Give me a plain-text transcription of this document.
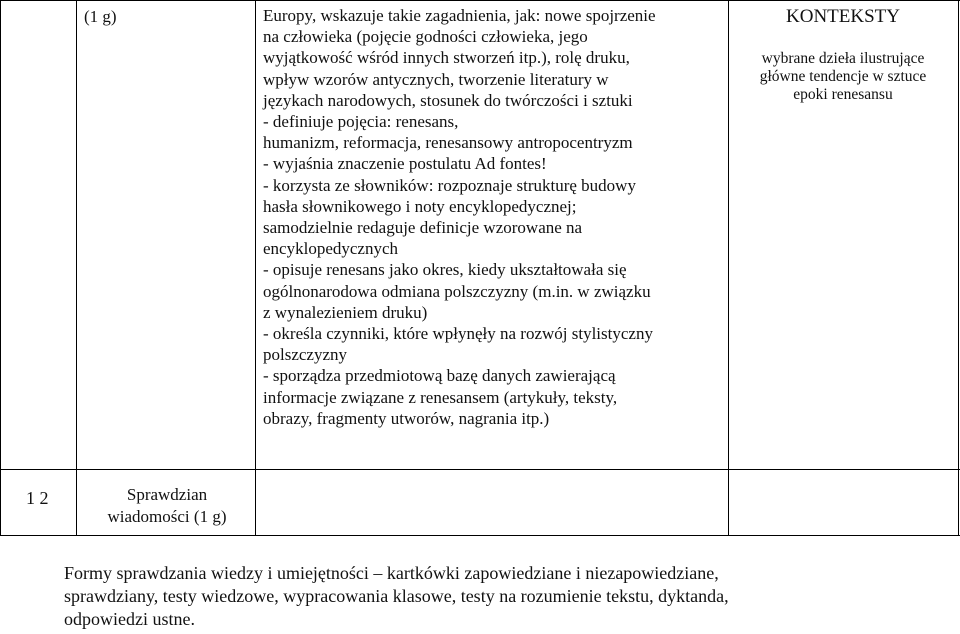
(1 g)	Europy, wskazuje takie zagadnienia, jak: nowe spojrzenie
na człowieka (pojęcie godności człowieka, jego
wyjątkowość wśród innych stworzeń itp.), rolę druku,
wpływ wzorów antycznych, tworzenie literatury w
językach narodowych, stosunek do twórczości i sztuki
- definiuje pojęcia: renesans,
humanizm, reformacja, renesansowy antropocentryzm
- wyjaśnia znaczenie postulatu Ad fontes!
- korzysta ze słowników: rozpoznaje strukturę budowy
hasła słownikowego i noty encyklopedycznej;
samodzielnie redaguje definicje wzorowane na
encyklopedycznych
- opisuje renesans jako okres, kiedy ukształtowała się
ogólnonarodowa odmiana polszczyzny (m.in. w związku
z wynalezieniem druku)
- określa czynniki, które wpłynęły na rozwój stylistyczny
polszczyzny
- sporządza przedmiotową bazę danych zawierającą
informacje związane z renesansem (artykuły, teksty,
obrazy, fragmenty utworów, nagrania itp.)
KONTEKSTY
wybrane dzieła ilustrujące
główne tendencje w sztuce
epoki renesansu
1 2	Sprawdzian
wiadomości (1 g)
Formy sprawdzania wiedzy i umiejętności – kartkówki zapowiedziane i niezapowiedziane,
sprawdziany, testy wiedzowe, wypracowania klasowe, testy na rozumienie tekstu, dyktanda,
odpowiedzi ustne.
